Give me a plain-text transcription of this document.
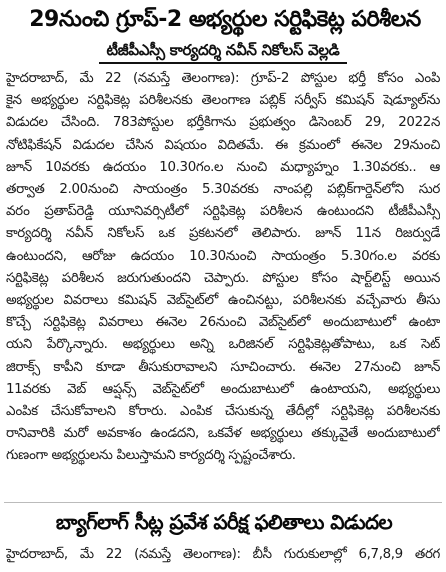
29నుంచి గ్రూప్‌-2 అభ్యర్థుల సర్టిఫికెట్ల పరిశీలన
టీజీపీఎస్సీ కార్యదర్శి నవీన్‌ నికోలస్‌ వెల్లడి
హైదరాబాద్‌, మే 22 (నమస్తే తెలంగాణ): గ్రూప్‌-2 పోస్టుల భర్తీ కోసం ఎంపి
కైన అభ్యర్థుల సర్టిఫికెట్ల పరిశీలనకు తెలంగాణ పబ్లిక్‌ సర్వీస్‌ కమిషన్‌ షెడ్యూల్‌ను
విడుదల చేసింది. 783పోస్టుల భర్తీకిగాను ప్రభుత్వం డిసెంబర్‌ 29, 2022న
నోటిఫికేషన్‌ విడుదల చేసిన విషయం విదితమే. ఈ క్రమంలో ఈనెల 29నుంచి
జూన్‌ 10వరకు ఉదయం 10.30గం.ల నుంచి మధ్యాహ్నం 1.30వరకు.. ఆ
తర్వాత 2.00నుంచి సాయంత్రం 5.30వరకు నాంపల్లి పబ్లిక్‌గార్డెన్‌లోని సుర
వరం ప్రతాప్‌రెడ్డి యూనివర్సిటీలో సర్టిఫికెట్ల పరిశీలన ఉంటుందని టీజీపీఎస్సీ
కార్యదర్శి నవీన్‌ నికోలస్‌ ఒక ప్రకటనలో తెలిపారు. జూన్‌ 11న రిజర్వుడే
ఉంటుందని, ఆరోజు ఉదయం 10.30నుంచి సాయంత్రం 5.30గం.ల వరకు
సర్టిఫికెట్ల పరిశీలన జరుగుతుందని చెప్పారు. పోస్టుల కోసం షార్ట్‌లిస్ట్‌ అయిన
అభ్యర్థుల వివరాలు కమిషన్‌ వెబ్‌సైట్‌లో ఉంచినట్టు, పరిశీలనకు వచ్చేవారు తీసు
కొచ్చే సర్టిఫికెట్ల వివరాలు ఈనెల 26నుంచి వెబ్‌సైట్‌లో అందుబాటులో ఉంటా
యని పేర్కొన్నారు. అభ్యర్థులు అన్ని ఒరిజినల్‌ సర్టిఫికెట్లతోపాటు, ఒక సెట్‌
జిరాక్స్‌ కాపీని కూడా తీసుకురావాలని సూచించారు. ఈనెల 27నుంచి జూన్‌
11వరకు వెబ్‌ ఆప్షన్స్‌ వెబ్‌సైట్‌లో అందుబాటులో ఉంటాయని, అభ్యర్థులు
ఎంపిక చేసుకోవాలని కోరారు. ఎంపిక చేసుకున్న తేదీల్లో సర్టిఫికెట్ల పరిశీలనకు
రానివారికి మరో అవకాశం ఉండదని, ఒకవేళ అభ్యర్థులు తక్కువైతే అందుబాటులో
గుణంగా అభ్యర్థులను పిలుస్తామని కార్యదర్శి స్పష్టంచేశారు.
బ్యాగ్‌లాగ్‌ సీట్ల ప్రవేశ పరీక్ష ఫలితాలు విడుదల
హైదరాబాద్‌, మే 22 (నమస్తే తెలంగాణ): బీసీ గురుకులాల్లో 6,7,8,9 తరగ
